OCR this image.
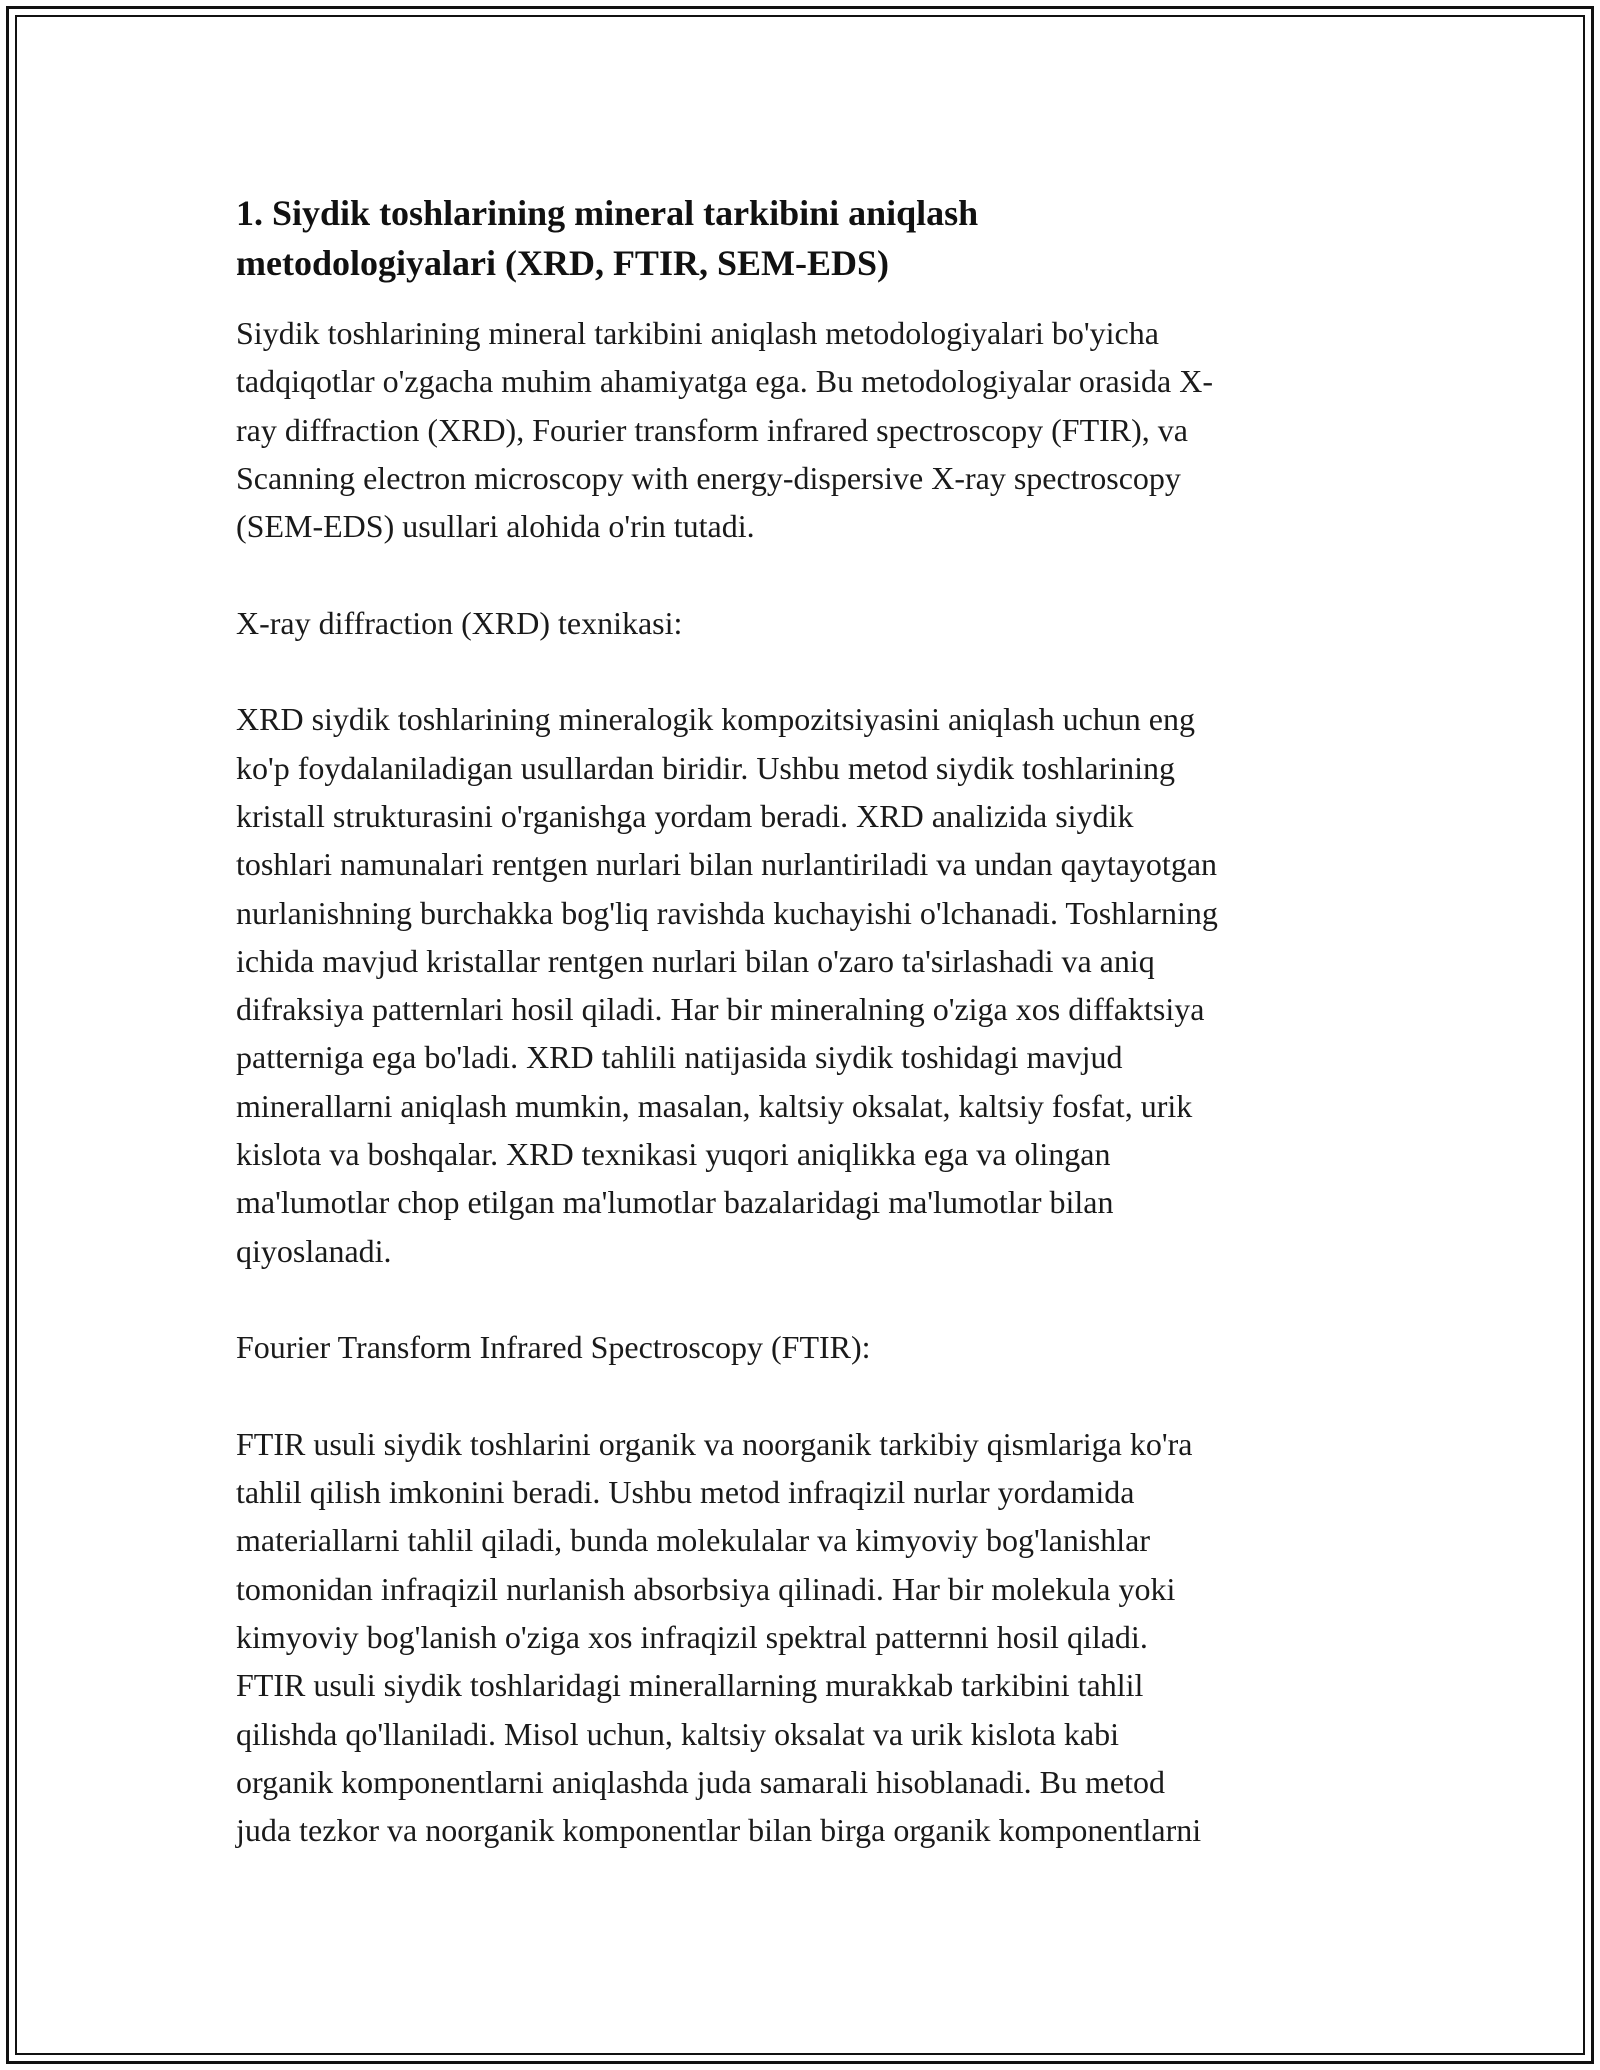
1. Siydik toshlarining mineral tarkibini aniqlash
metodologiyalari (XRD, FTIR, SEM-EDS)

Siydik toshlarining mineral tarkibini aniqlash metodologiyalari bo'yicha
tadqiqotlar o'zgacha muhim ahamiyatga ega. Bu metodologiyalar orasida X-
ray diffraction (XRD), Fourier transform infrared spectroscopy (FTIR), va
Scanning electron microscopy with energy-dispersive X-ray spectroscopy
(SEM-EDS) usullari alohida o'rin tutadi.

X-ray diffraction (XRD) texnikasi:

XRD siydik toshlarining mineralogik kompozitsiyasini aniqlash uchun eng
ko'p foydalaniladigan usullardan biridir. Ushbu metod siydik toshlarining
kristall strukturasini o'rganishga yordam beradi. XRD analizida siydik
toshlari namunalari rentgen nurlari bilan nurlantiriladi va undan qaytayotgan
nurlanishning burchakka bog'liq ravishda kuchayishi o'lchanadi. Toshlarning
ichida mavjud kristallar rentgen nurlari bilan o'zaro ta'sirlashadi va aniq
difraksiya patternlari hosil qiladi. Har bir mineralning o'ziga xos diffaktsiya
patterniga ega bo'ladi. XRD tahlili natijasida siydik toshidagi mavjud
minerallarni aniqlash mumkin, masalan, kaltsiy oksalat, kaltsiy fosfat, urik
kislota va boshqalar. XRD texnikasi yuqori aniqlikka ega va olingan
ma'lumotlar chop etilgan ma'lumotlar bazalaridagi ma'lumotlar bilan
qiyoslanadi.

Fourier Transform Infrared Spectroscopy (FTIR):

FTIR usuli siydik toshlarini organik va noorganik tarkibiy qismlariga ko'ra
tahlil qilish imkonini beradi. Ushbu metod infraqizil nurlar yordamida
materiallarni tahlil qiladi, bunda molekulalar va kimyoviy bog'lanishlar
tomonidan infraqizil nurlanish absorbsiya qilinadi. Har bir molekula yoki
kimyoviy bog'lanish o'ziga xos infraqizil spektral patternni hosil qiladi.
FTIR usuli siydik toshlaridagi minerallarning murakkab tarkibini tahlil
qilishda qo'llaniladi. Misol uchun, kaltsiy oksalat va urik kislota kabi
organik komponentlarni aniqlashda juda samarali hisoblanadi. Bu metod
juda tezkor va noorganik komponentlar bilan birga organik komponentlarni
